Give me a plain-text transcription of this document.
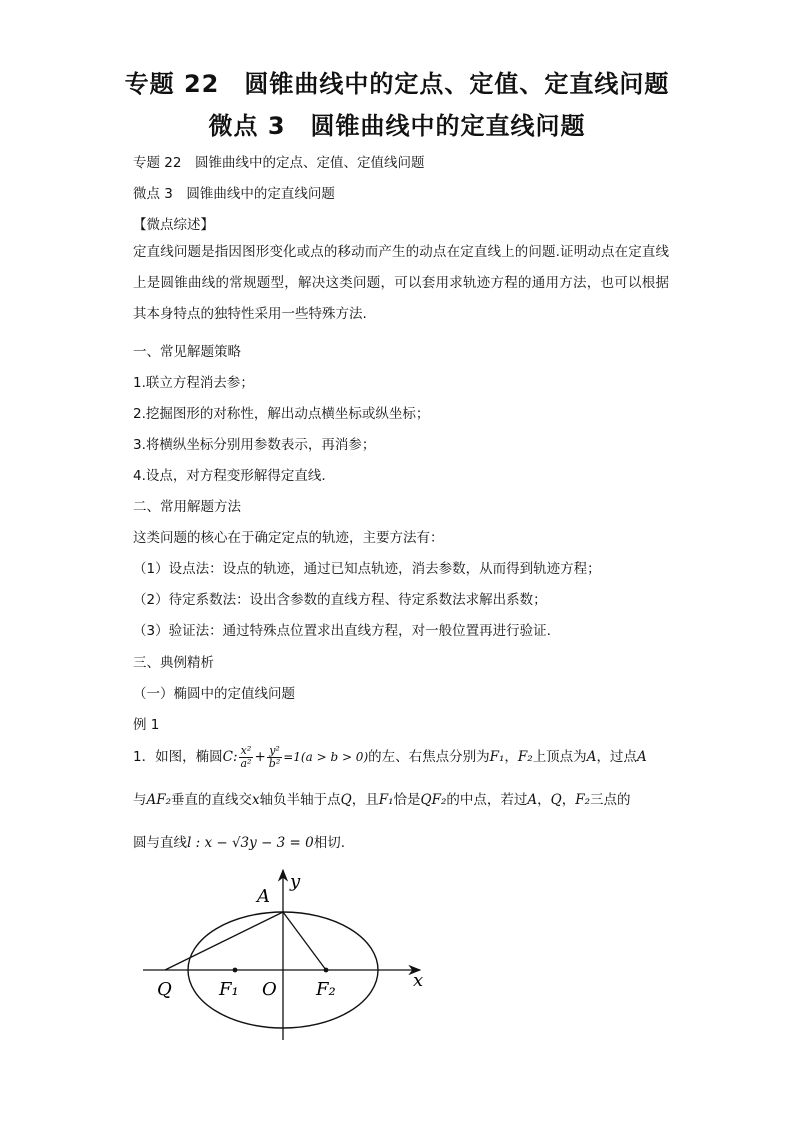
专题 22　圆锥曲线中的定点、定值、定直线问题
微点 3　圆锥曲线中的定直线问题
专题 22　圆锥曲线中的定点、定值、定值线问题
微点 3　圆锥曲线中的定直线问题
【微点综述】
定直线问题是指因图形变化或点的移动而产生的动点在定直线上的问题.证明动点在定直线上是圆锥曲线的常规题型，解决这类问题，可以套用求轨迹方程的通用方法，也可以根据其本身特点的独特性采用一些特殊方法.
一、常见解题策略
1.联立方程消去参；
2.挖掘图形的对称性，解出动点横坐标或纵坐标；
3.将横纵坐标分别用参数表示，再消参；
4.设点，对方程变形解得定直线.
二、常用解题方法
这类问题的核心在于确定定点的轨迹，主要方法有：
（1）设点法：设点的轨迹，通过已知点轨迹，消去参数，从而得到轨迹方程；
（2）待定系数法：设出含参数的直线方程、待定系数法求解出系数；
（3）验证法：通过特殊点位置求出直线方程，对一般位置再进行验证.
三、典例精析
（一）椭圆中的定值线问题
例 1
1．如图，椭圆C: $\frac{\text{x²}}{\text{a²}} + \frac{\text{y²}}{\text{b²}} =1(a > b > 0)$的左、右焦点分别为F₁，F₂上顶点为A，过点A
与AF₂垂直的直线交x轴负半轴于点Q，且F₁恰是QF₂的中点，若过A，Q，F₂三点的
圆与直线l : x − √3y − 3 = 0相切.
A
y
x
Q	F₁ O F₂
